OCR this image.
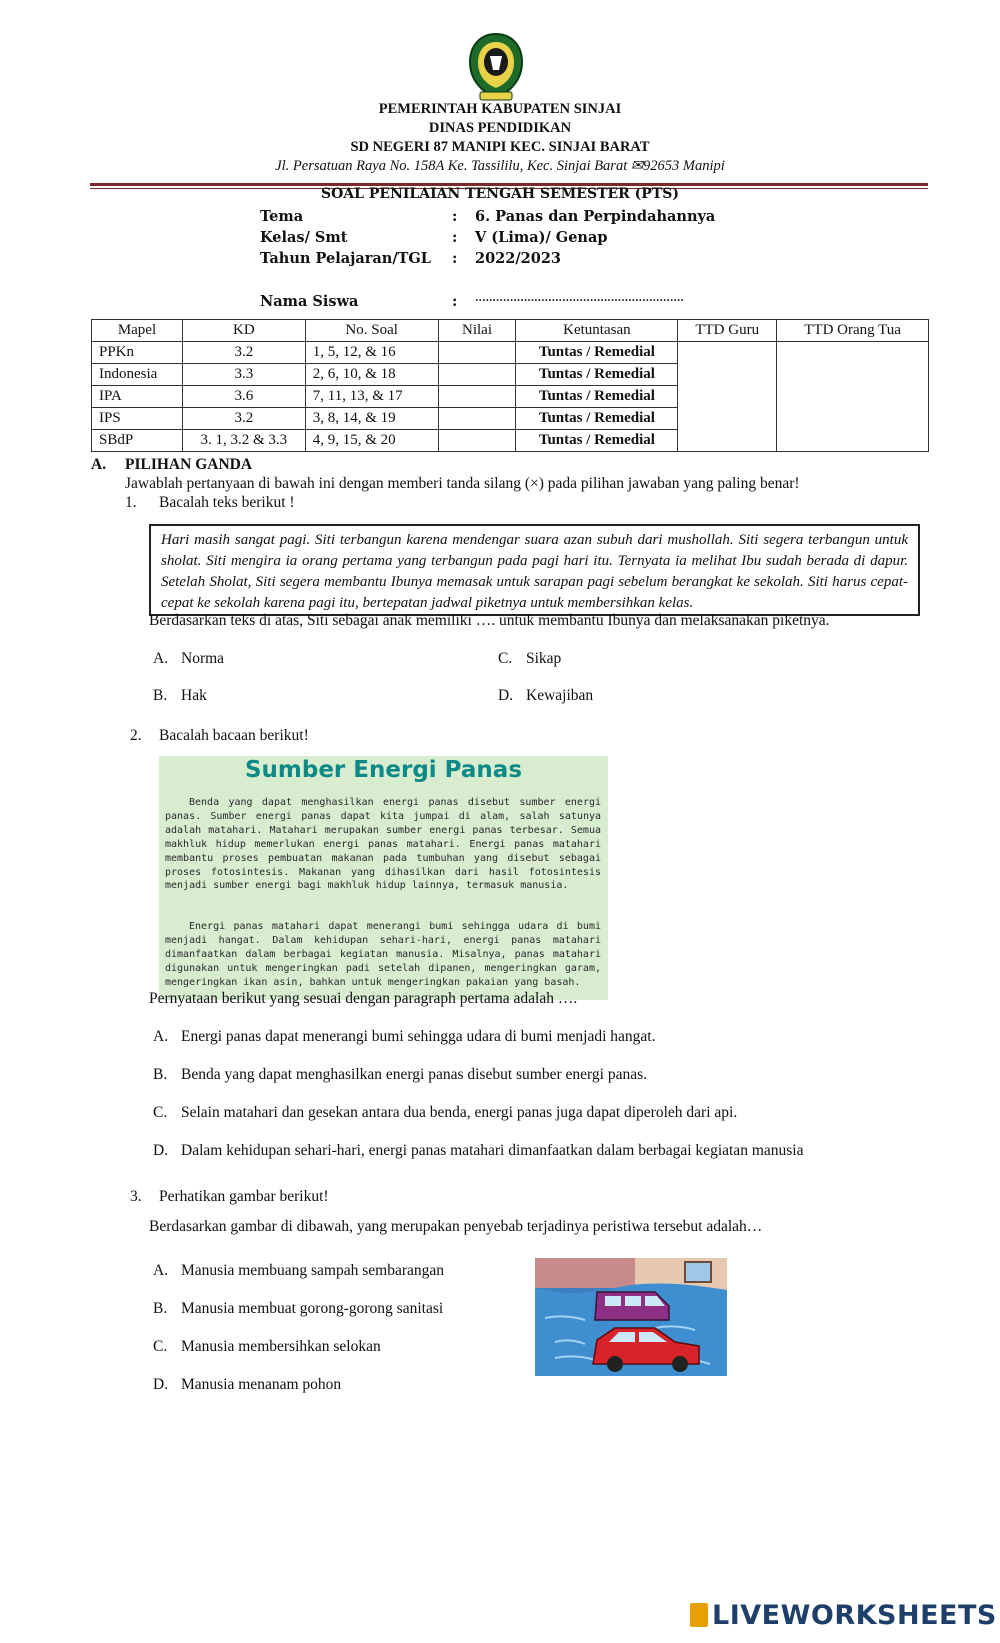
PEMERINTAH KABUPATEN SINJAI
DINAS PENDIDIKAN
SD NEGERI 87 MANIPI KEC. SINJAI BARAT
Jl. Persatuan Raya No. 158A Ke. Tassililu, Kec. Sinjai Barat ✉92653 Manipi
SOAL PENILAIAN TENGAH SEMESTER (PTS)
Tema	: 6. Panas dan Perpindahannya
Kelas/ Smt	: V (Lima)/ Genap
Tahun Pelajaran/TGL : 2022/2023
Nama Siswa	: ............................................................
Mapel	KD	No. Soal	Nilai	Ketuntasan	TTD Guru	TTD Orang Tua
PPKn	3.2	1, 5, 12, & 16		Tuntas / Remedial		
Indonesia	3.3	2, 6, 10, & 18		Tuntas / Remedial		
IPA	3.6	7, 11, 13, & 17		Tuntas / Remedial		
IPS	3.2	3, 8, 14, & 19		Tuntas / Remedial		
SBdP	3. 1, 3.2 & 3.3	4, 9, 15, & 20		Tuntas / Remedial		
A. PILIHAN GANDA
Jawablah pertanyaan di bawah ini dengan memberi tanda silang (×) pada pilihan jawaban yang paling benar!
1. Bacalah teks berikut !
Hari masih sangat pagi. Siti terbangun karena mendengar suara azan subuh dari mushollah. Siti segera terbangun untuk sholat. Siti mengira ia orang pertama yang terbangun pada pagi hari itu. Ternyata ia melihat Ibu sudah berada di dapur. Setelah Sholat, Siti segera membantu Ibunya memasak untuk sarapan pagi sebelum berangkat ke sekolah. Siti harus cepat-cepat ke sekolah karena pagi itu, bertepatan jadwal piketnya untuk membersihkan kelas.
Berdasarkan teks di atas, Siti sebagai anak memiliki …. untuk membantu Ibunya dan melaksanakan piketnya.
A. Norma
B. Hak
C. Sikap
D. Kewajiban
2. Bacalah bacaan berikut!
Sumber Energi Panas

Benda yang dapat menghasilkan energi panas disebut sumber energi panas. Sumber energi panas dapat kita jumpai di alam, salah satunya adalah matahari. Matahari merupakan sumber energi panas terbesar. Semua makhluk hidup memerlukan energi panas matahari. Energi panas matahari membantu proses pembuatan makanan pada tumbuhan yang disebut sebagai proses fotosintesis. Makanan yang dihasilkan dari hasil fotosintesis menjadi sumber energi bagi makhluk hidup lainnya, termasuk manusia.

Energi panas matahari dapat menerangi bumi sehingga udara di bumi menjadi hangat. Dalam kehidupan sehari-hari, energi panas matahari dimanfaatkan dalam berbagai kegiatan manusia. Misalnya, panas matahari digunakan untuk mengeringkan padi setelah dipanen, mengeringkan garam, mengeringkan ikan asin, bahkan untuk mengeringkan pakaian yang basah.

Pernyataan berikut yang sesuai dengan paragraph pertama adalah ….
A. Energi panas dapat menerangi bumi sehingga udara di bumi menjadi hangat.
B. Benda yang dapat menghasilkan energi panas disebut sumber energi panas.
C. Selain matahari dan gesekan antara dua benda, energi panas juga dapat diperoleh dari api.
D. Dalam kehidupan sehari-hari, energi panas matahari dimanfaatkan dalam berbagai kegiatan manusia
3. Perhatikan gambar berikut!
Berdasarkan gambar di dibawah, yang merupakan penyebab terjadinya peristiwa tersebut adalah…
A. Manusia membuang sampah sembarangan
B. Manusia membuat gorong-gorong sanitasi
C. Manusia membersihkan selokan
D. Manusia menanam pohon
LIVEWORKSHEETS
